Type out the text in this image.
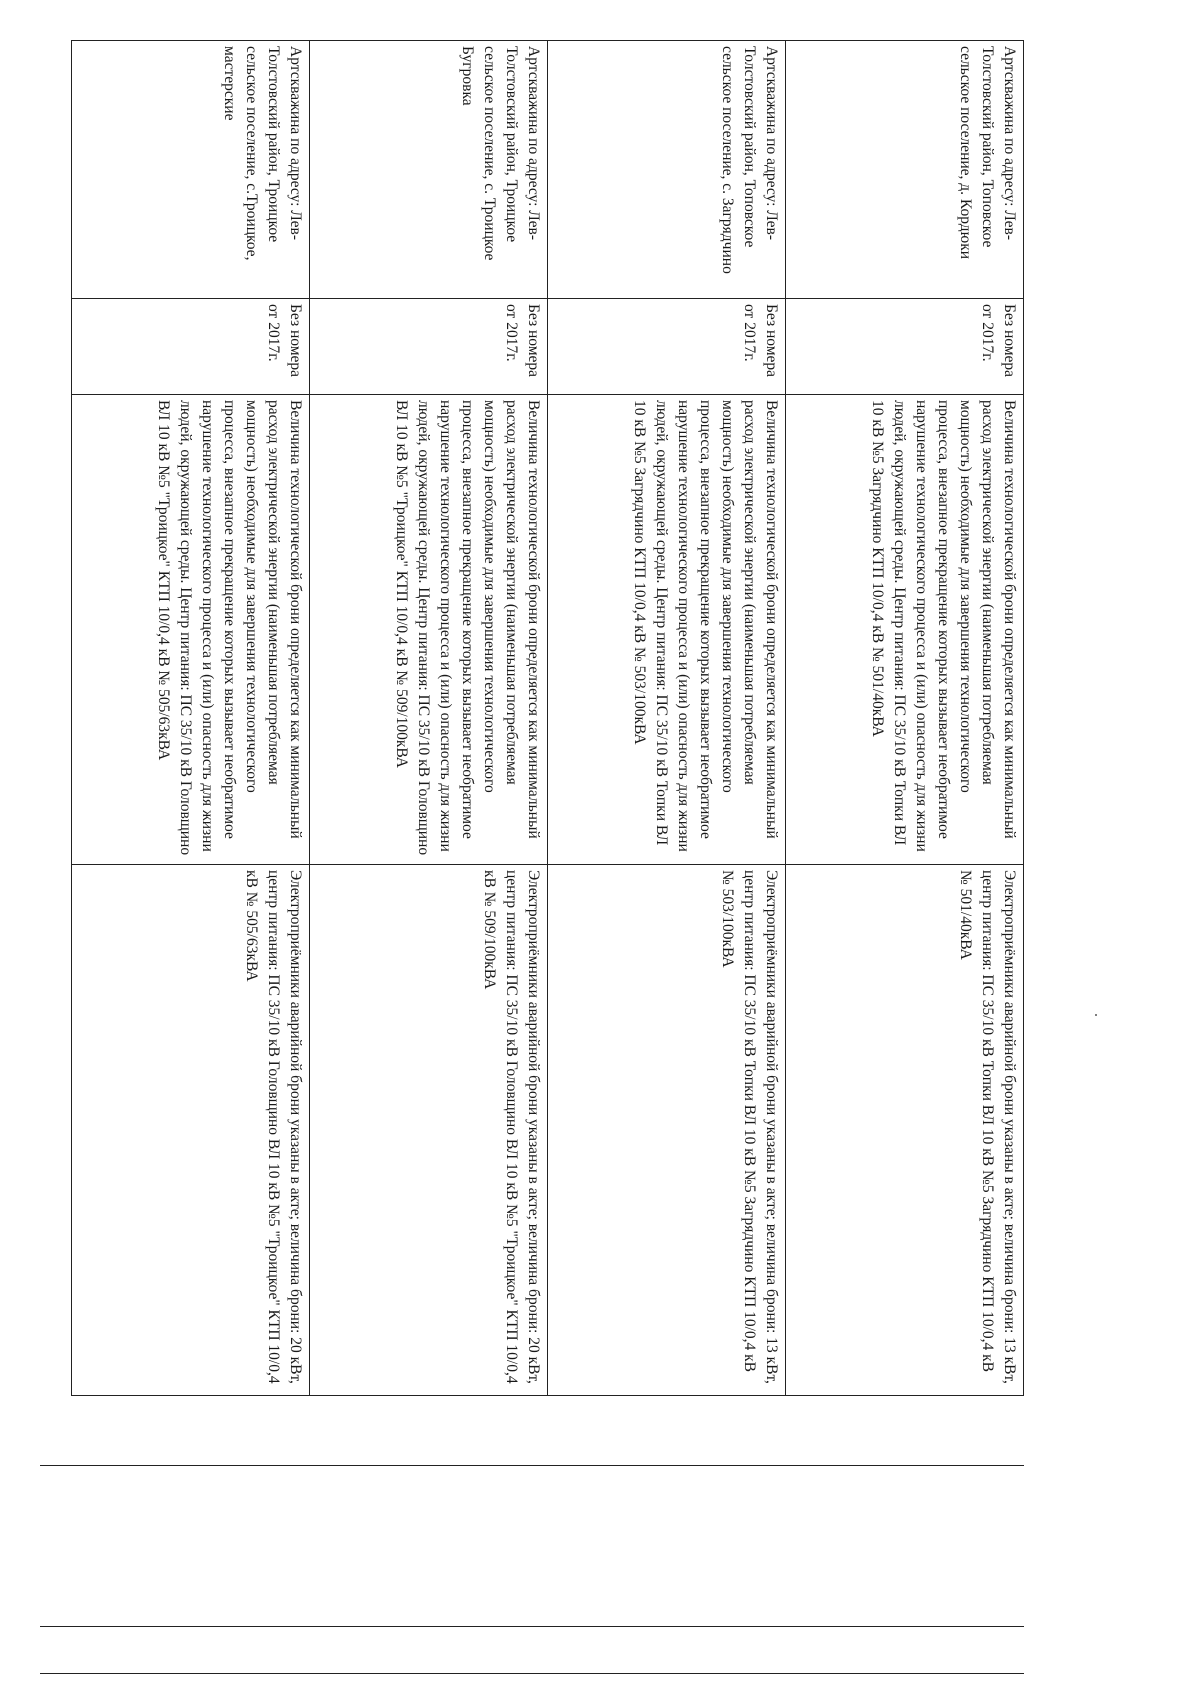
Артскважина по адресу: Лев-Толстовский район, Топовское сельское поселение, д. Кордюки	Без номера от 2017г.	Величина технологической брони определяется как минимальный расход электрической энергии (наименьшая потребляемая мощность) необходимые для завершения технологического процесса, внезапное прекращение которых вызывает необратимое нарушение технологического процесса и (или) опасность для жизни людей, окружающей среды. Центр питания: ПС 35/10 кВ Топки ВЛ 10 кВ №5 Загрядчино КТП 10/0,4 кВ № 501/40кВА	Электроприёмники аварийной брони указаны в акте; величина брони: 13 кВт, центр питания: ПС 35/10 кВ Топки ВЛ 10 кВ №5 Загрядчино КТП 10/0,4 кВ № 501/40кВА
Артскважина по адресу: Лев-Толстовский район, Топовское сельское поселение, с. Загрядчино	Без номера от 2017г.	Величина технологической брони определяется как минимальный расход электрической энергии (наименьшая потребляемая мощность) необходимые для завершения технологического процесса, внезапное прекращение которых вызывает необратимое нарушение технологического процесса и (или) опасность для жизни людей, окружающей среды. Центр питания: ПС 35/10 кВ Топки ВЛ 10 кВ №5 Загрядчино КТП 10/0,4 кВ № 503/100кВА	Электроприёмники аварийной брони указаны в акте; величина брони: 13 кВт, центр питания: ПС 35/10 кВ Топки ВЛ 10 кВ №5 Загрядчино КТП 10/0,4 кВ № 503/100кВА
Артскважина по адресу: Лев-Толстовский район, Троицкое сельское поселение, с. Троицкое Бугровка	Без номера от 2017г.	Величина технологической брони определяется как минимальный расход электрической энергии (наименьшая потребляемая мощность) необходимые для завершения технологического процесса, внезапное прекращение которых вызывает необратимое нарушение технологического процесса и (или) опасность для жизни людей, окружающей среды. Центр питания: ПС 35/10 кВ Головщино ВЛ 10 кВ №5 "Троицкое" КТП 10/0,4 кВ № 509/100кВА	Электроприёмники аварийной брони указаны в акте; величина брони: 20 кВт, центр питания: ПС 35/10 кВ Головщино ВЛ 10 кВ №5 "Троицкое" КТП 10/0,4 кВ № 509/100кВА
Артскважина по адресу: Лев-Толстовский район, Троицкое сельское поселение, с.Троицкое, мастерские	Без номера от 2017г.	Величина технологической брони определяется как минимальный расход электрической энергии (наименьшая потребляемая мощность) необходимые для завершения технологического процесса, внезапное прекращение которых вызывает необратимое нарушение технологического процесса и (или) опасность для жизни людей, окружающей среды. Центр питания: ПС 35/10 кВ Головщино ВЛ 10 кВ №5 "Троицкое" КТП 10/0,4 кВ № 505/63кВА	Электроприёмники аварийной брони указаны в акте; величина брони: 20 кВт, центр питания: ПС 35/10 кВ Головщино ВЛ 10 кВ №5 "Троицкое" КТП 10/0,4 кВ № 505/63кВА
